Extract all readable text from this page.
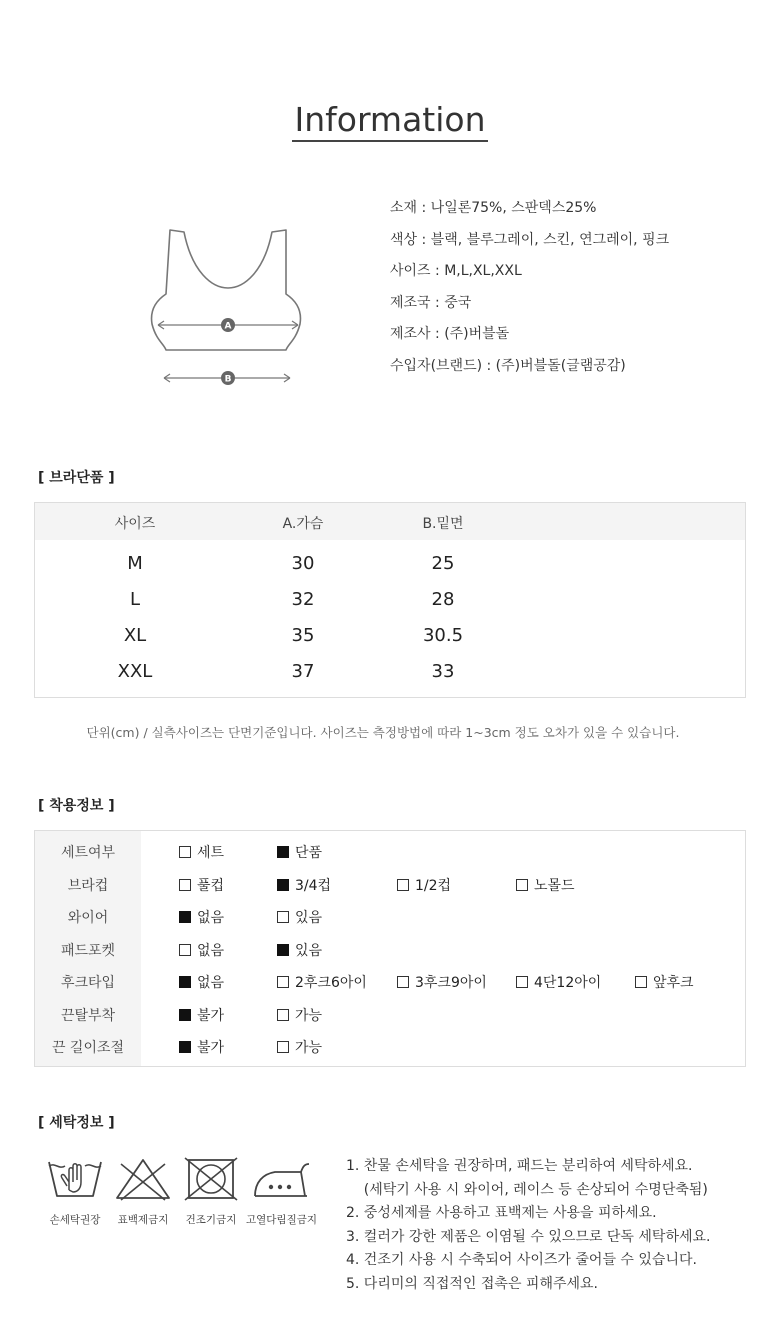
Information
A
B
소재 : 나일론75%, 스판덱스25%
색상 : 블랙, 블루그레이, 스킨, 연그레이, 핑크
사이즈 : M,L,XL,XXL
제조국 : 중국
제조사 : (주)버블돌
수입자(브랜드) : (주)버블돌(글램공감)
[ 브라단품 ]
사이즈	A.가슴	B.밑면
M	30	25
L	32	28
XL	35	30.5
XXL	37	33
단위(cm) / 실측사이즈는 단면기준입니다. 사이즈는 측정방법에 따라 1~3cm 정도 오차가 있을 수 있습니다.
[ 착용정보 ]
세트여부	세트	단품
브라컵	풀컵	3/4컵	1/2컵	노몰드
와이어	없음	있음
패드포켓	없음	있음
후크타입	없음	2후크6아이	3후크9아이	4단12아이	앞후크
끈탈부착	불가	가능
끈 길이조절	불가	가능
[ 세탁정보 ]
손세탁권장	표백제금지	건조기금지 고열다림질금지
1. 찬물 손세탁을 권장하며, 패드는 분리하여 세탁하세요.
(세탁기 사용 시 와이어, 레이스 등 손상되어 수명단축됨)
2. 중성세제를 사용하고 표백제는 사용을 피하세요.
3. 컬러가 강한 제품은 이염될 수 있으므로 단독 세탁하세요.
4. 건조기 사용 시 수축되어 사이즈가 줄어들 수 있습니다.
5. 다리미의 직접적인 접촉은 피해주세요.
